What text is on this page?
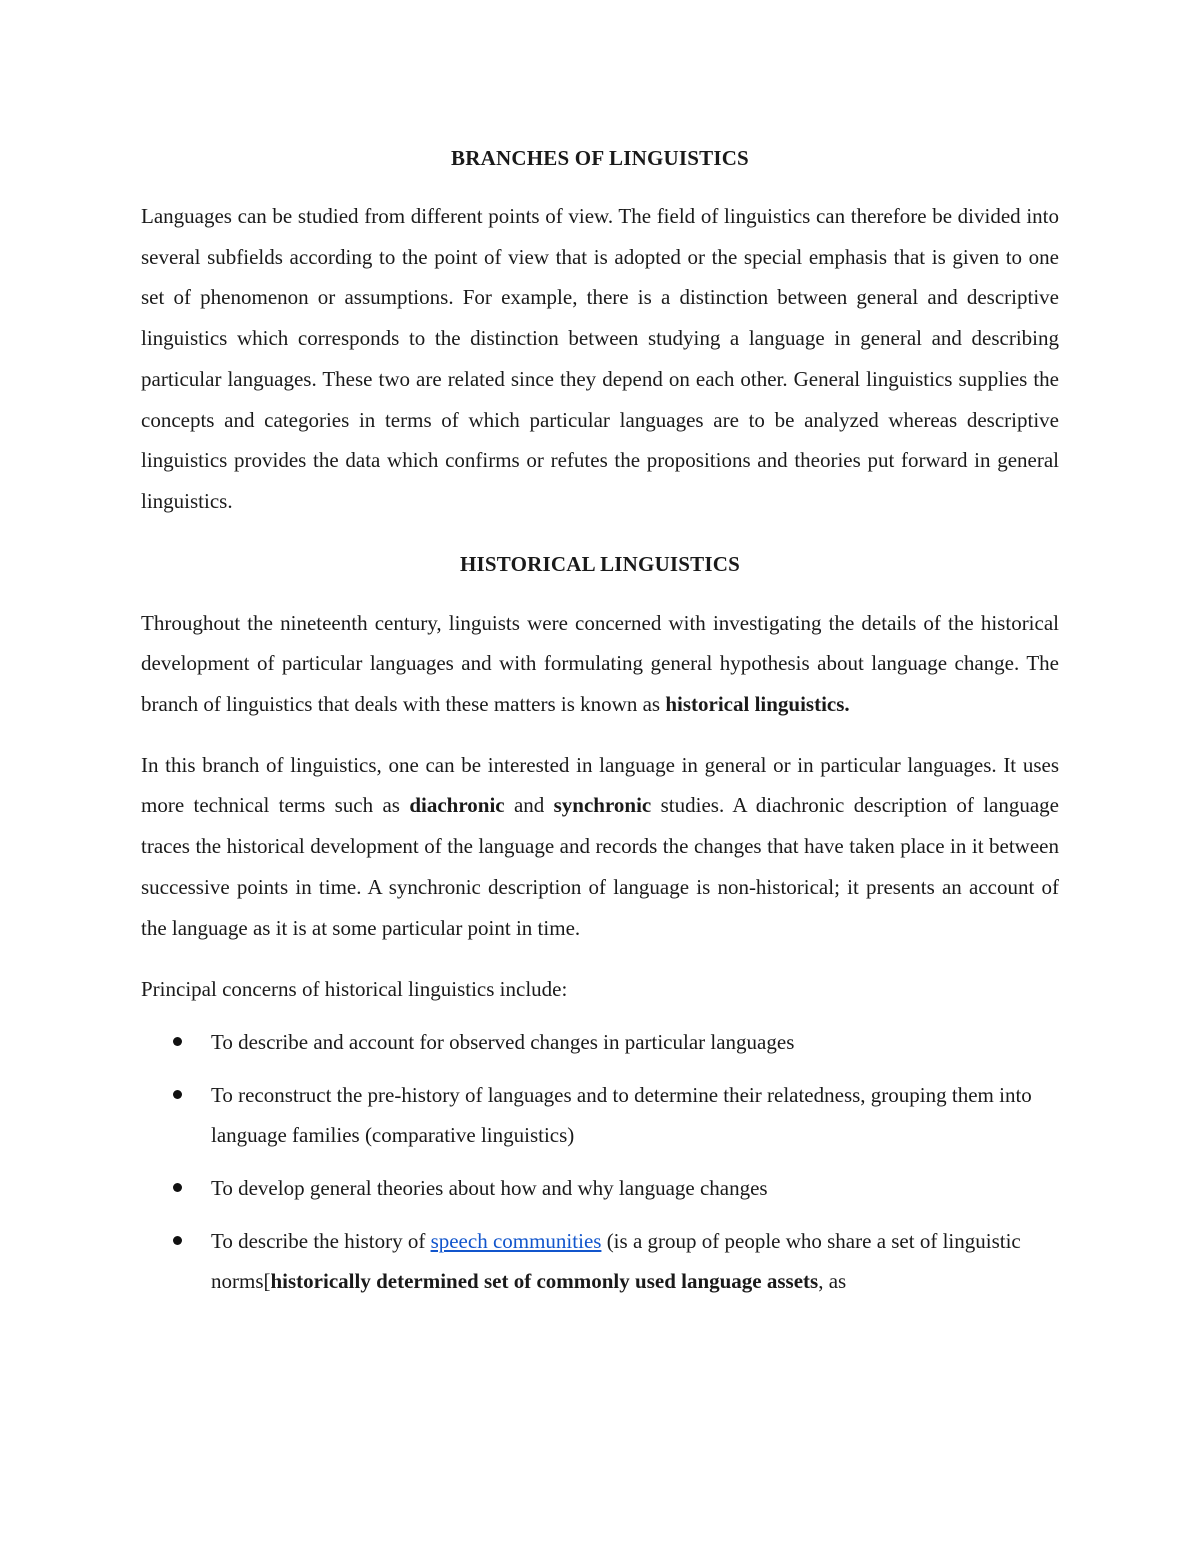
BRANCHES OF LINGUISTICS

Languages can be studied from different points of view. The field of linguistics can therefore be divided into several subfields according to the point of view that is adopted or the special emphasis that is given to one set of phenomenon or assumptions. For example, there is a distinction between general and descriptive linguistics which corresponds to the distinction between studying a language in general and describing particular languages. These two are related since they depend on each other. General linguistics supplies the concepts and categories in terms of which particular languages are to be analyzed whereas descriptive linguistics provides the data which confirms or refutes the propositions and theories put forward in general linguistics.

HISTORICAL LINGUISTICS

Throughout the nineteenth century, linguists were concerned with investigating the details of the historical development of particular languages and with formulating general hypothesis about language change. The branch of linguistics that deals with these matters is known as historical linguistics.

In this branch of linguistics, one can be interested in language in general or in particular languages. It uses more technical terms such as diachronic and synchronic studies. A diachronic description of language traces the historical development of the language and records the changes that have taken place in it between successive points in time. A synchronic description of language is non-historical; it presents an account of the language as it is at some particular point in time.

Principal concerns of historical linguistics include:

To describe and account for observed changes in particular languages
To reconstruct the pre-history of languages and to determine their relatedness, grouping them into language families (comparative linguistics)
To develop general theories about how and why language changes
To describe the history of speech communities (is a group of people who share a set of linguistic norms[historically determined set of commonly used language assets, as
